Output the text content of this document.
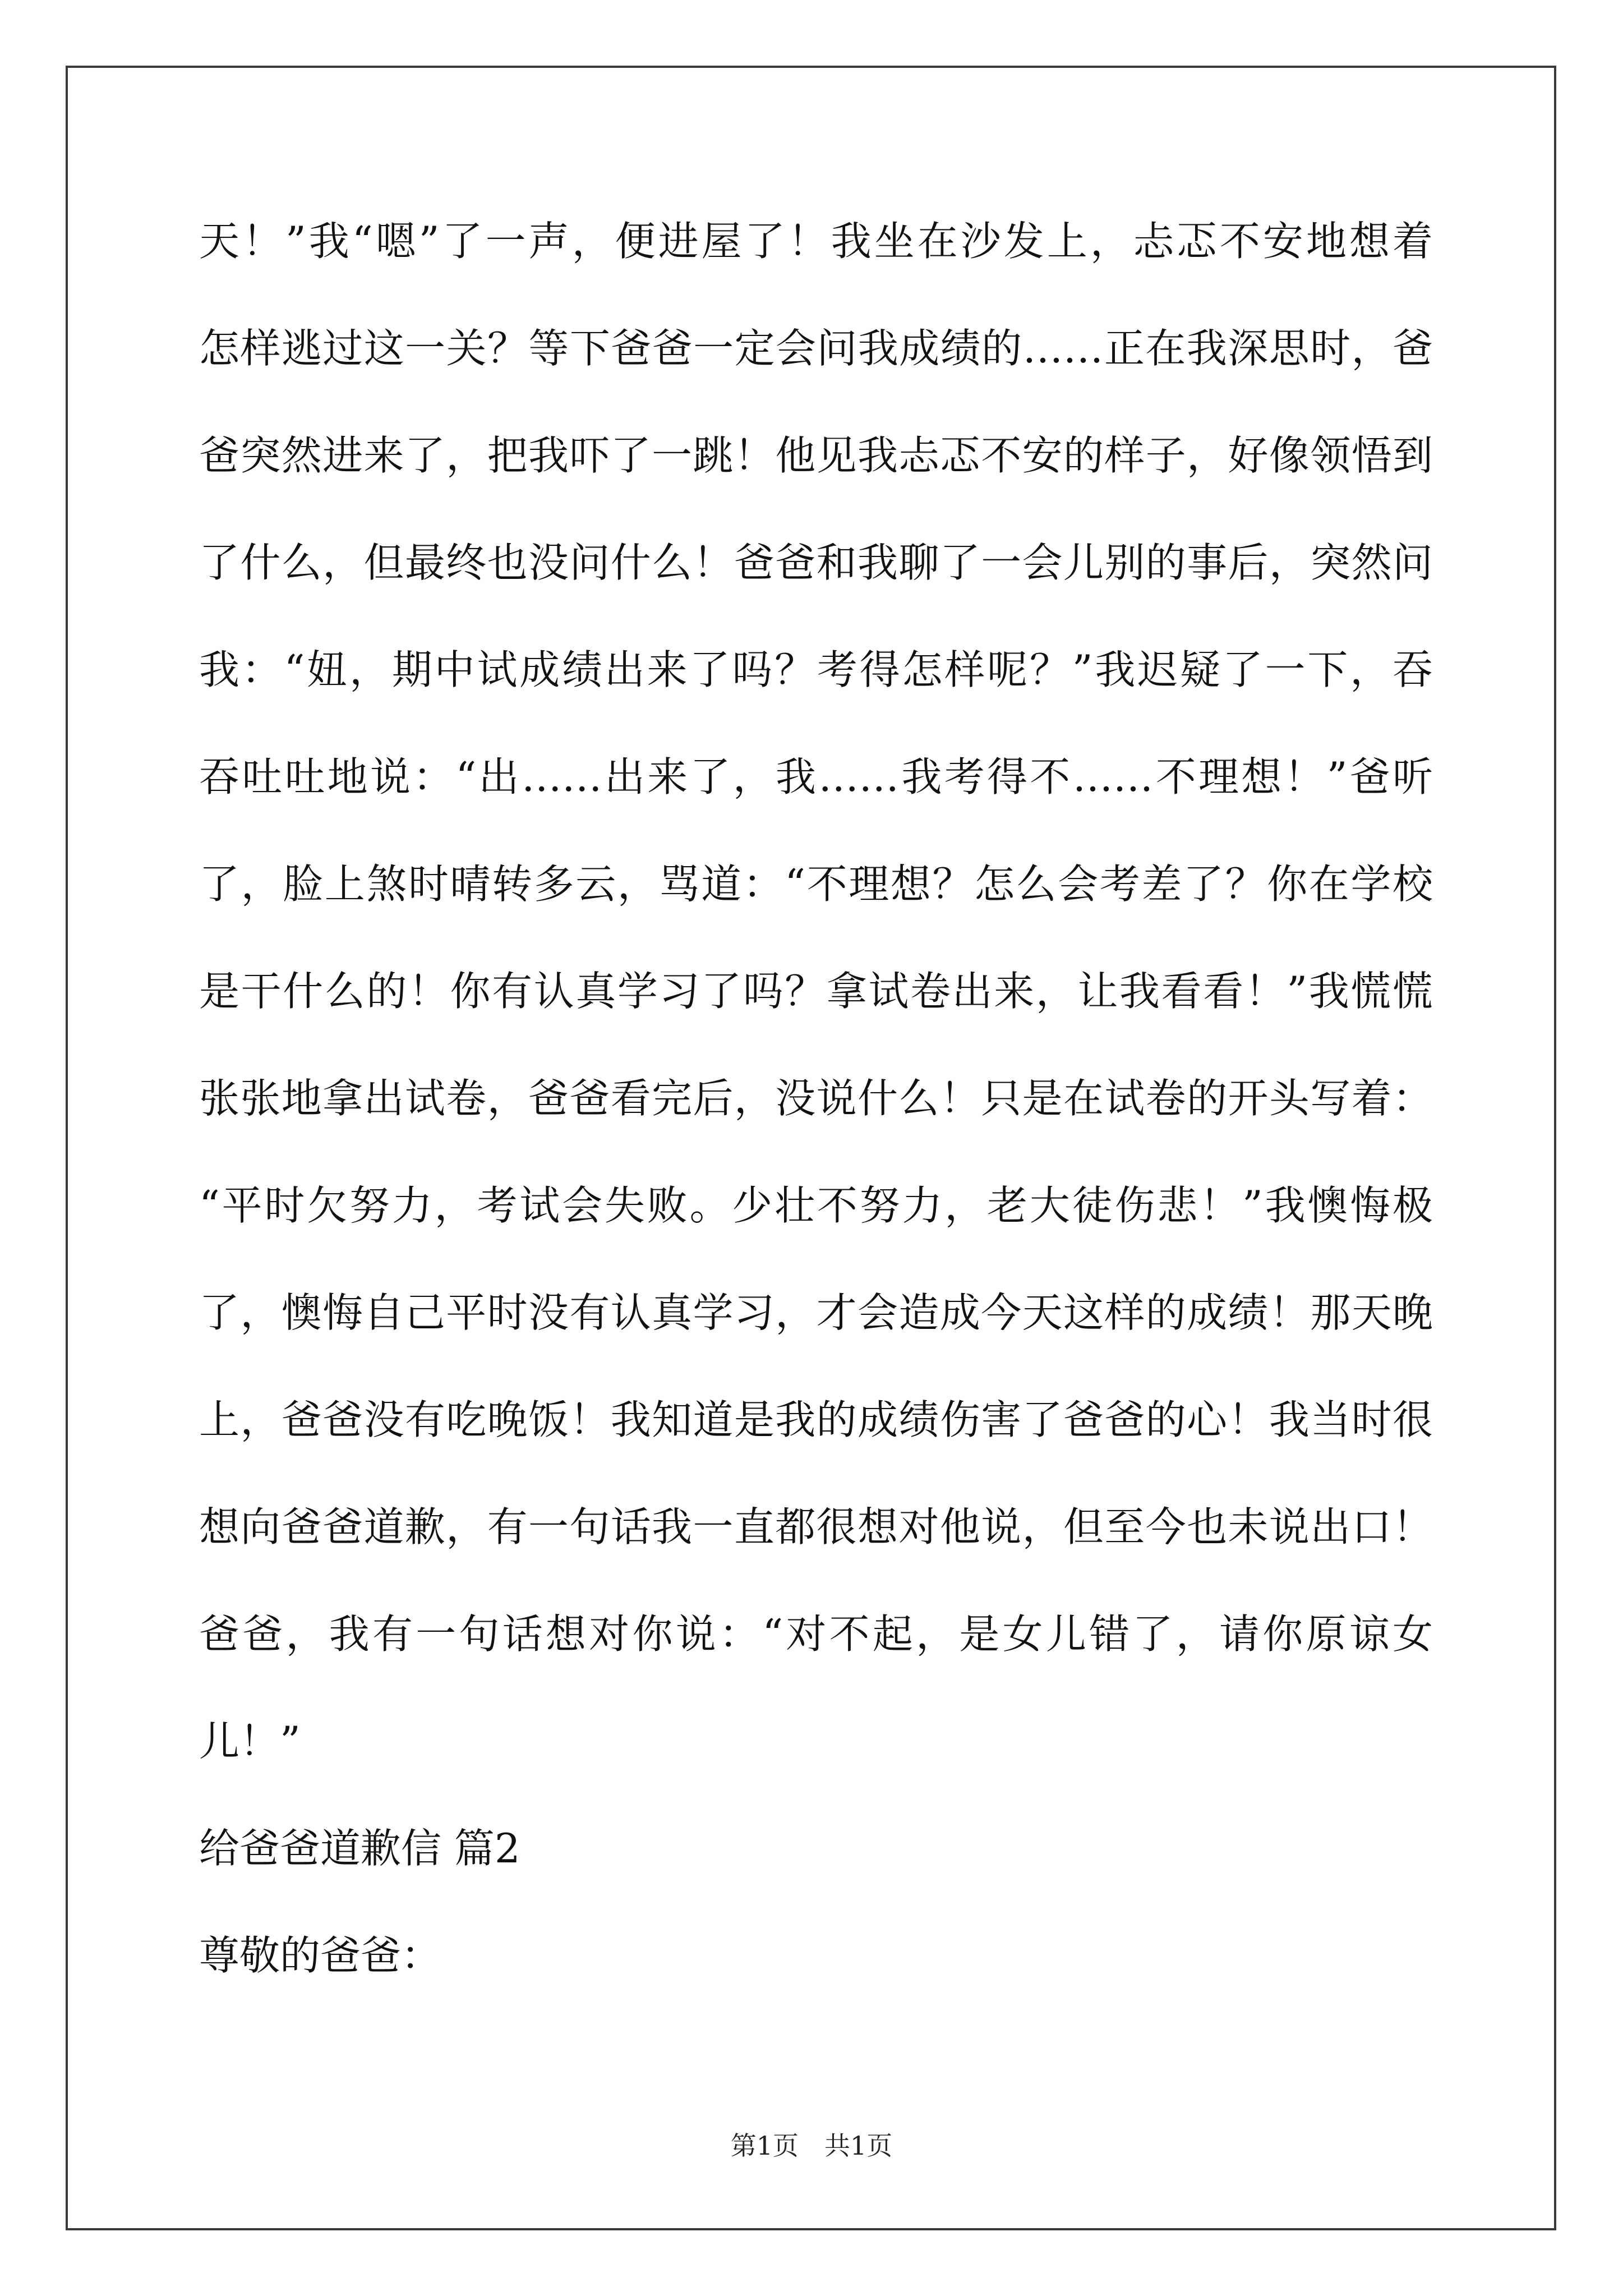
天！”我“嗯”了一声，便进屋了！我坐在沙发上，忐忑不安地想着
怎样逃过这一关？等下爸爸一定会问我成绩的……正在我深思时，爸
爸突然进来了，把我吓了一跳！他见我忐忑不安的样子，好像领悟到
了什么，但最终也没问什么！爸爸和我聊了一会儿别的事后，突然问
我：“妞，期中试成绩出来了吗？考得怎样呢？”我迟疑了一下，吞
吞吐吐地说：“出……出来了，我……我考得不……不理想！”爸听
了，脸上煞时晴转多云，骂道：“不理想？怎么会考差了？你在学校
是干什么的！你有认真学习了吗？拿试卷出来，让我看看！”我慌慌
张张地拿出试卷，爸爸看完后，没说什么！只是在试卷的开头写着：
“平时欠努力，考试会失败。少壮不努力，老大徒伤悲！”我懊悔极
了，懊悔自己平时没有认真学习，才会造成今天这样的成绩！那天晚
上，爸爸没有吃晚饭！我知道是我的成绩伤害了爸爸的心！我当时很
想向爸爸道歉，有一句话我一直都很想对他说，但至今也未说出口！
爸爸，我有一句话想对你说：“对不起，是女儿错了，请你原谅女
儿！”
给爸爸道歉信 篇2
尊敬的爸爸：
第1页　共1页
